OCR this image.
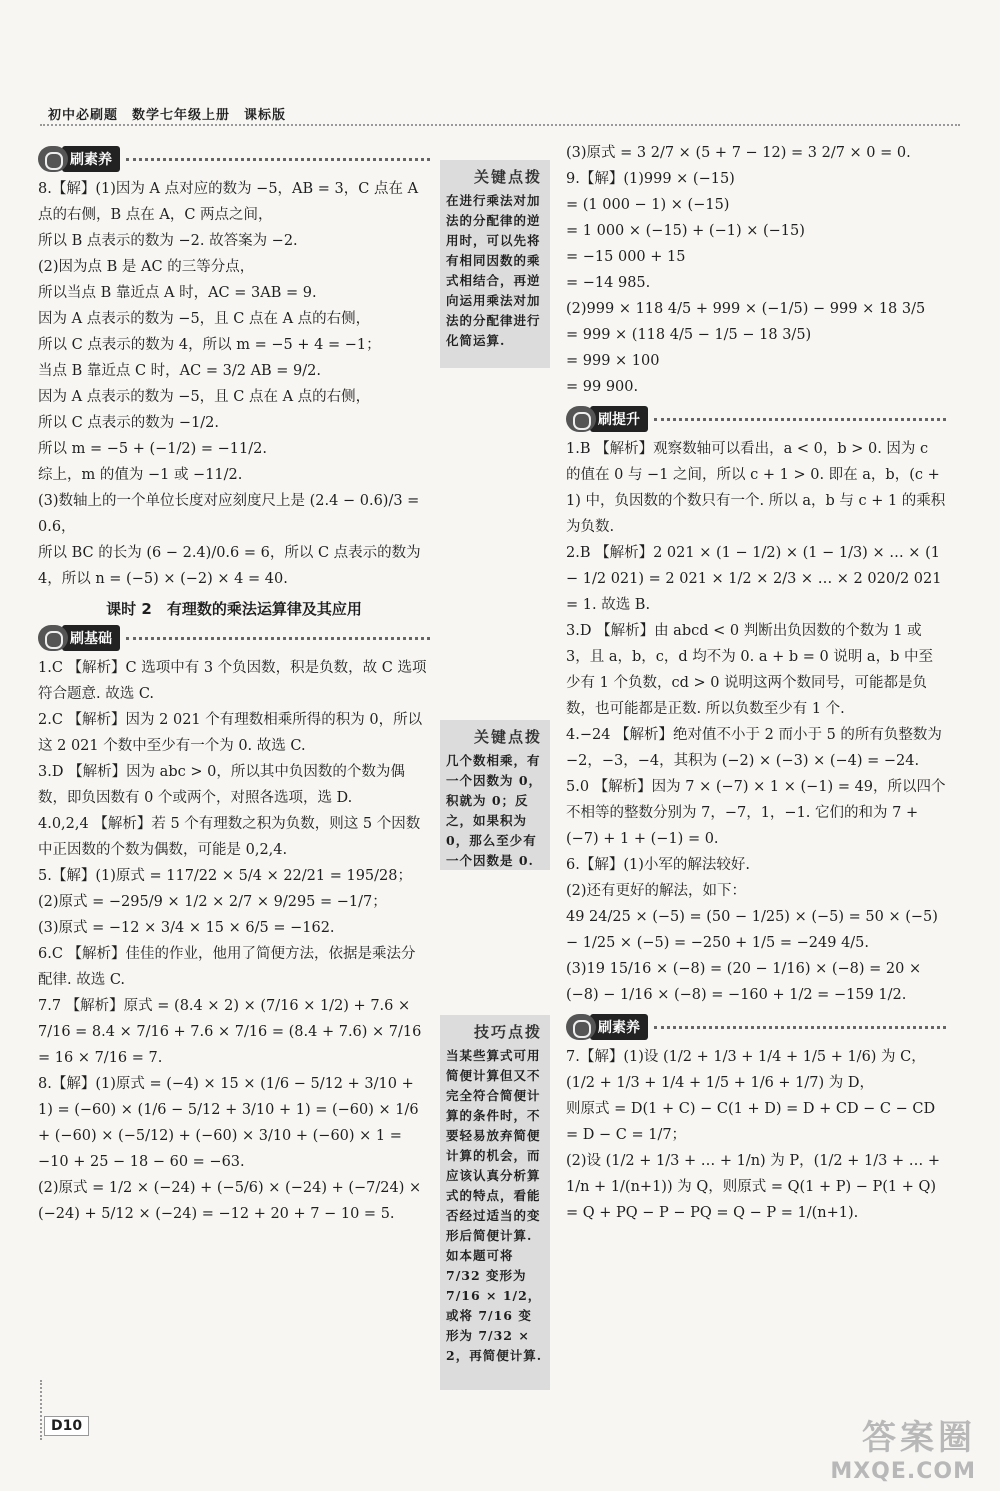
初中必刷题　数学七年级上册　课标版
刷素养

8.【解】(1)因为 A 点对应的数为 −5，AB = 3，C 点在 A 点的右侧，B 点在 A，C 两点之间，

所以 B 点表示的数为 −2. 故答案为 −2.

(2)因为点 B 是 AC 的三等分点，

所以当点 B 靠近点 A 时，AC = 3AB = 9.

因为 A 点表示的数为 −5，且 C 点在 A 点的右侧，

所以 C 点表示的数为 4，所以 m = −5 + 4 = −1；

当点 B 靠近点 C 时，AC = 3/2 AB = 9/2.

因为 A 点表示的数为 −5，且 C 点在 A 点的右侧，

所以 C 点表示的数为 −1/2.

所以 m = −5 + (−1/2) = −11/2.

综上，m 的值为 −1 或 −11/2.

(3)数轴上的一个单位长度对应刻度尺上是 (2.4 − 0.6)/3 = 0.6，

所以 BC 的长为 (6 − 2.4)/0.6 = 6，所以 C 点表示的数为 4，所以 n = (−5) × (−2) × 4 = 40.

课时 2　有理数的乘法运算律及其应用
刷基础

1.C 【解析】C 选项中有 3 个负因数，积是负数，故 C 选项符合题意. 故选 C.

2.C 【解析】因为 2 021 个有理数相乘所得的积为 0，所以这 2 021 个数中至少有一个为 0. 故选 C.

3.D 【解析】因为 abc > 0，所以其中负因数的个数为偶数，即负因数有 0 个或两个，对照各选项，选 D.

4.0,2,4 【解析】若 5 个有理数之积为负数，则这 5 个因数中正因数的个数为偶数，可能是 0,2,4.

5.【解】(1)原式 = 117/22 × 5/4 × 22/21 = 195/28；

(2)原式 = −295/9 × 1/2 × 2/7 × 9/295 = −1/7；

(3)原式 = −12 × 3/4 × 15 × 6/5 = −162.

6.C 【解析】佳佳的作业，他用了简便方法，依据是乘法分配律. 故选 C.

7.7 【解析】原式 = (8.4 × 2) × (7/16 × 1/2) + 7.6 × 7/16 = 8.4 × 7/16 + 7.6 × 7/16 = (8.4 + 7.6) × 7/16 = 16 × 7/16 = 7.

8.【解】(1)原式 = (−4) × 15 × (1/6 − 5/12 + 3/10 + 1) = (−60) × (1/6 − 5/12 + 3/10 + 1) = (−60) × 1/6 + (−60) × (−5/12) + (−60) × 3/10 + (−60) × 1 = −10 + 25 − 18 − 60 = −63.

(2)原式 = 1/2 × (−24) + (−5/6) × (−24) + (−7/24) × (−24) + 5/12 × (−24) = −12 + 20 + 7 − 10 = 5.

关键点拨
在进行乘法对加法的分配律的逆用时，可以先将有相同因数的乘式相结合，再逆向运用乘法对加法的分配律进行化简运算.
关键点拨
几个数相乘，有一个因数为 0，积就为 0；反之，如果积为 0，那么至少有一个因数是 0.
技巧点拨
当某些算式可用简便计算但又不完全符合简便计算的条件时，不要轻易放弃简便计算的机会，而应该认真分析算式的特点，看能否经过适当的变形后简便计算. 如本题可将 7/32 变形为 7/16 × 1/2，或将 7/16 变形为 7/32 × 2，再简便计算.

(3)原式 = 3 2/7 × (5 + 7 − 12) = 3 2/7 × 0 = 0.

9.【解】(1)999 × (−15)

= (1 000 − 1) × (−15)

= 1 000 × (−15) + (−1) × (−15)

= −15 000 + 15

= −14 985.

(2)999 × 118 4/5 + 999 × (−1/5) − 999 × 18 3/5

= 999 × (118 4/5 − 1/5 − 18 3/5)

= 999 × 100

= 99 900.

刷提升

1.B 【解析】观察数轴可以看出，a < 0，b > 0. 因为 c 的值在 0 与 −1 之间，所以 c + 1 > 0. 即在 a，b，(c + 1) 中，负因数的个数只有一个. 所以 a，b 与 c + 1 的乘积为负数.

2.B 【解析】2 021 × (1 − 1/2) × (1 − 1/3) × … × (1 − 1/2 021) = 2 021 × 1/2 × 2/3 × … × 2 020/2 021 = 1. 故选 B.

3.D 【解析】由 abcd < 0 判断出负因数的个数为 1 或 3，且 a，b，c，d 均不为 0. a + b = 0 说明 a，b 中至少有 1 个负数，cd > 0 说明这两个数同号，可能都是负数，也可能都是正数. 所以负数至少有 1 个.

4.−24 【解析】绝对值不小于 2 而小于 5 的所有负整数为 −2，−3，−4，其积为 (−2) × (−3) × (−4) = −24.

5.0 【解析】因为 7 × (−7) × 1 × (−1) = 49，所以四个不相等的整数分别为 7，−7，1，−1. 它们的和为 7 + (−7) + 1 + (−1) = 0.

6.【解】(1)小军的解法较好.

(2)还有更好的解法，如下：

49 24/25 × (−5) = (50 − 1/25) × (−5) = 50 × (−5) − 1/25 × (−5) = −250 + 1/5 = −249 4/5.

(3)19 15/16 × (−8) = (20 − 1/16) × (−8) = 20 × (−8) − 1/16 × (−8) = −160 + 1/2 = −159 1/2.

刷素养

7.【解】(1)设 (1/2 + 1/3 + 1/4 + 1/5 + 1/6) 为 C，(1/2 + 1/3 + 1/4 + 1/5 + 1/6 + 1/7) 为 D，

则原式 = D(1 + C) − C(1 + D) = D + CD − C − CD = D − C = 1/7；

(2)设 (1/2 + 1/3 + … + 1/n) 为 P，(1/2 + 1/3 + … + 1/n + 1/(n+1)) 为 Q，则原式 = Q(1 + P) − P(1 + Q) = Q + PQ − P − PQ = Q − P = 1/(n+1).

D10	答案圈
MXQE.COM
